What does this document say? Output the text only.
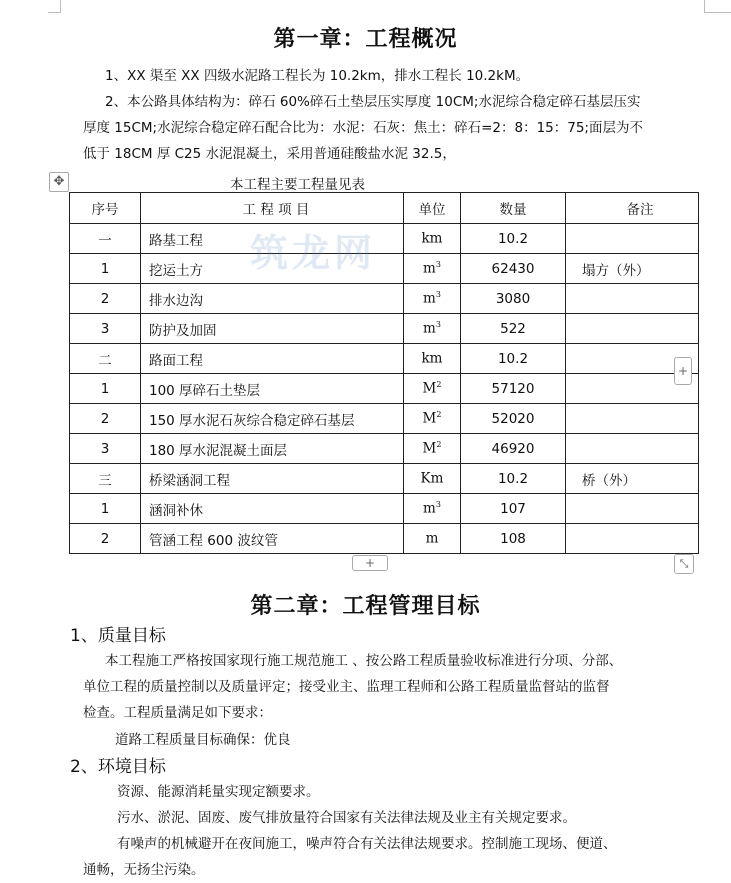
第一章：工程概况
1、XX 渠至 XX 四级水泥路工程长为 10.2km，排水工程长 10.2kM。
2、本公路具体结构为：碎石 60%碎石土垫层压实厚度 10CM;水泥综合稳定碎石基层压实
厚度 15CM;水泥综合稳定碎石配合比为：水泥：石灰：焦土：碎石=2：8：15：75;面层为不
低于 18CM 厚 C25 水泥混凝土，采用普通硅酸盐水泥 32.5，
✥	本工程主要工程量见表
序号	工 程 项 目	单位	数量	备注
一	路基工程	km	10.2	
1	挖运土方	$m^3$	62430	塌方（外）
2	排水边沟	$m^3$	3080	
3	防护及加固	$m^3$	522	
二	路面工程	km	10.2	
1	100 厚碎石土垫层	$M^2$	57120	
2	150 厚水泥石灰综合稳定碎石基层	$M^2$	52020	
3	180 厚水泥混凝土面层	$M^2$	46920	
三	桥梁涵洞工程	Km	10.2	桥（外）
1	涵洞补休	$m^3$	107	
2	管涵工程 600 波纹管	m	108	
筑龙网
+
+	⤡
第二章：工程管理目标
1、质量目标
本工程施工严格按国家现行施工规范施工 、按公路工程质量验收标准进行分项、分部、
单位工程的质量控制以及质量评定；接受业主、监理工程师和公路工程质量监督站的监督
检查。工程质量满足如下要求：
道路工程质量目标确保：优良
2、环境目标
资源、能源消耗量实现定额要求。
污水、淤泥、固废、废气排放量符合国家有关法律法规及业主有关规定要求。
有噪声的机械避开在夜间施工，噪声符合有关法律法规要求。控制施工现场、便道、
通畅，无扬尘污染。
